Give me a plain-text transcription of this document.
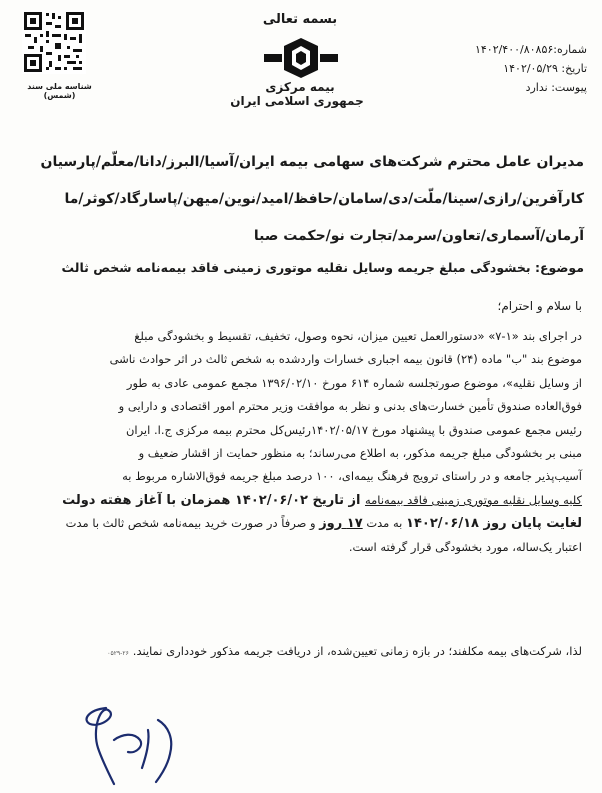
شناسه ملی سند (شمس)
بسمه تعالی
بیمه مرکزی
جمهوری اسلامی ایران
شماره:۱۴۰۲/۴۰۰/۸۰۸۵۶
تاریخ: ۱۴۰۲/۰۵/۲۹
پیوست: ندارد
مدیران عامل محترم شرکت‌های سهامی بیمه ایران/آسیا/البرز/دانا/معلّم/پارسیان
کارآفرین/رازی/سینا/ملّت/دی/سامان/حافظ/امید/نوین/میهن/پاسارگاد/کوثر/ما
آرمان/آسماری/تعاون/سرمد/تجارت نو/حکمت صبا
موضوع: بخشودگی مبلغ جریمه وسایل نقلیه موتوری زمینی فاقد بیمه‌نامه شخص ثالث
با سلام و احترام؛
در اجرای بند «۱-۷» «دستورالعمل تعیین میزان، نحوه وصول، تخفیف، تقسیط و بخشودگی مبلغ
موضوع بند "ب" ماده (۲۴) قانون بیمه اجباری خسارات واردشده به شخص ثالث در اثر حوادث ناشی
از وسایل نقلیه»، موضوع صورتجلسه شماره ۶۱۴ مورخ ۱۳۹۶/۰۲/۱۰ مجمع عمومی عادی به طور
فوق‌العاده صندوق تأمین خسارت‌های بدنی و نظر به موافقت وزیر محترم امور اقتصادی و دارایی و
رئیس مجمع عمومی صندوق با پیشنهاد مورخ ۱۴۰۲/۰۵/۱۷رئیس‌کل محترم بیمه مرکزی ج.ا. ایران
مبنی بر بخشودگی مبلغ جریمه مذکور، به اطلاع می‌رساند؛ به منظور حمایت از اقشار ضعیف و
آسیب‌پذیر جامعه و در راستای ترویج فرهنگ بیمه‌ای، ۱۰۰ درصد مبلغ جریمه فوق‌الاشاره مربوط به
کلیه وسایل نقلیه موتوری زمینی فاقد بیمه‌نامه از تاریخ ۱۴۰۲/۰۶/۰۲ همزمان با آغاز هفته دولت
لغایت پایان روز ۱۴۰۲/۰۶/۱۸ به مدت ۱۷ روز و صرفاً در صورت خرید بیمه‌نامه شخص ثالث با مدت
اعتبار یک‌ساله، مورد بخشودگی قرار گرفته است.
لذا، شرکت‌های بیمه مکلفند؛ در بازه زمانی تعیین‌شده، از دریافت جریمه مذکور خودداری نمایند.۲۶-۰۵۲۹
